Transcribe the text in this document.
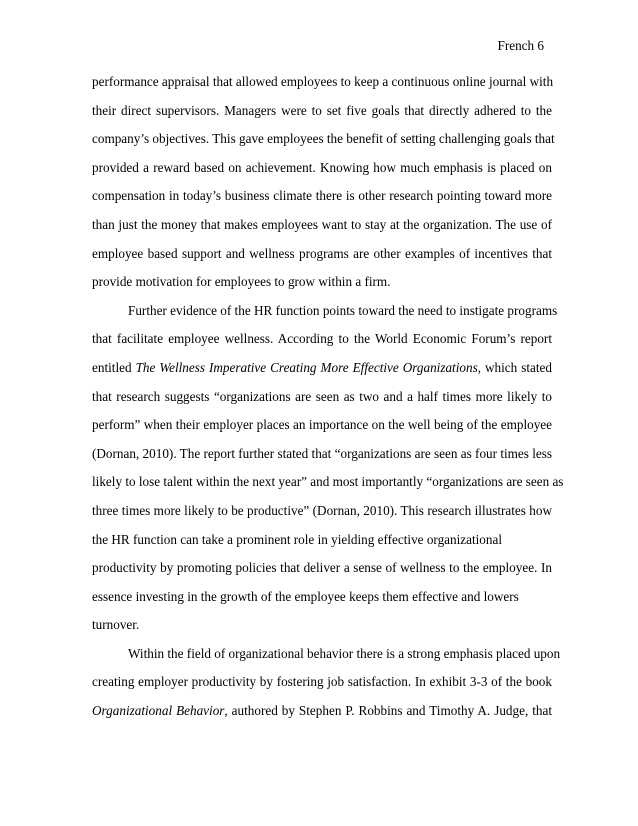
French 6
performance appraisal that allowed employees to keep a continuous online journal with
their direct supervisors. Managers were to set five goals that directly adhered to the
company’s objectives. This gave employees the benefit of setting challenging goals that
provided a reward based on achievement. Knowing how much emphasis is placed on
compensation in today’s business climate there is other research pointing toward more
than just the money that makes employees want to stay at the organization. The use of
employee based support and wellness programs are other examples of incentives that
provide motivation for employees to grow within a firm.
Further evidence of the HR function points toward the need to instigate programs
that facilitate employee wellness. According to the World Economic Forum’s report
entitled The Wellness Imperative Creating More Effective Organizations, which stated
that research suggests “organizations are seen as two and a half times more likely to
perform” when their employer places an importance on the well being of the employee
(Dornan, 2010). The report further stated that “organizations are seen as four times less
likely to lose talent within the next year” and most importantly “organizations are seen as
three times more likely to be productive” (Dornan, 2010). This research illustrates how
the HR function can take a prominent role in yielding effective organizational
productivity by promoting policies that deliver a sense of wellness to the employee. In
essence investing in the growth of the employee keeps them effective and lowers
turnover.
Within the field of organizational behavior there is a strong emphasis placed upon
creating employer productivity by fostering job satisfaction. In exhibit 3-3 of the book
Organizational Behavior, authored by Stephen P. Robbins and Timothy A. Judge, that
